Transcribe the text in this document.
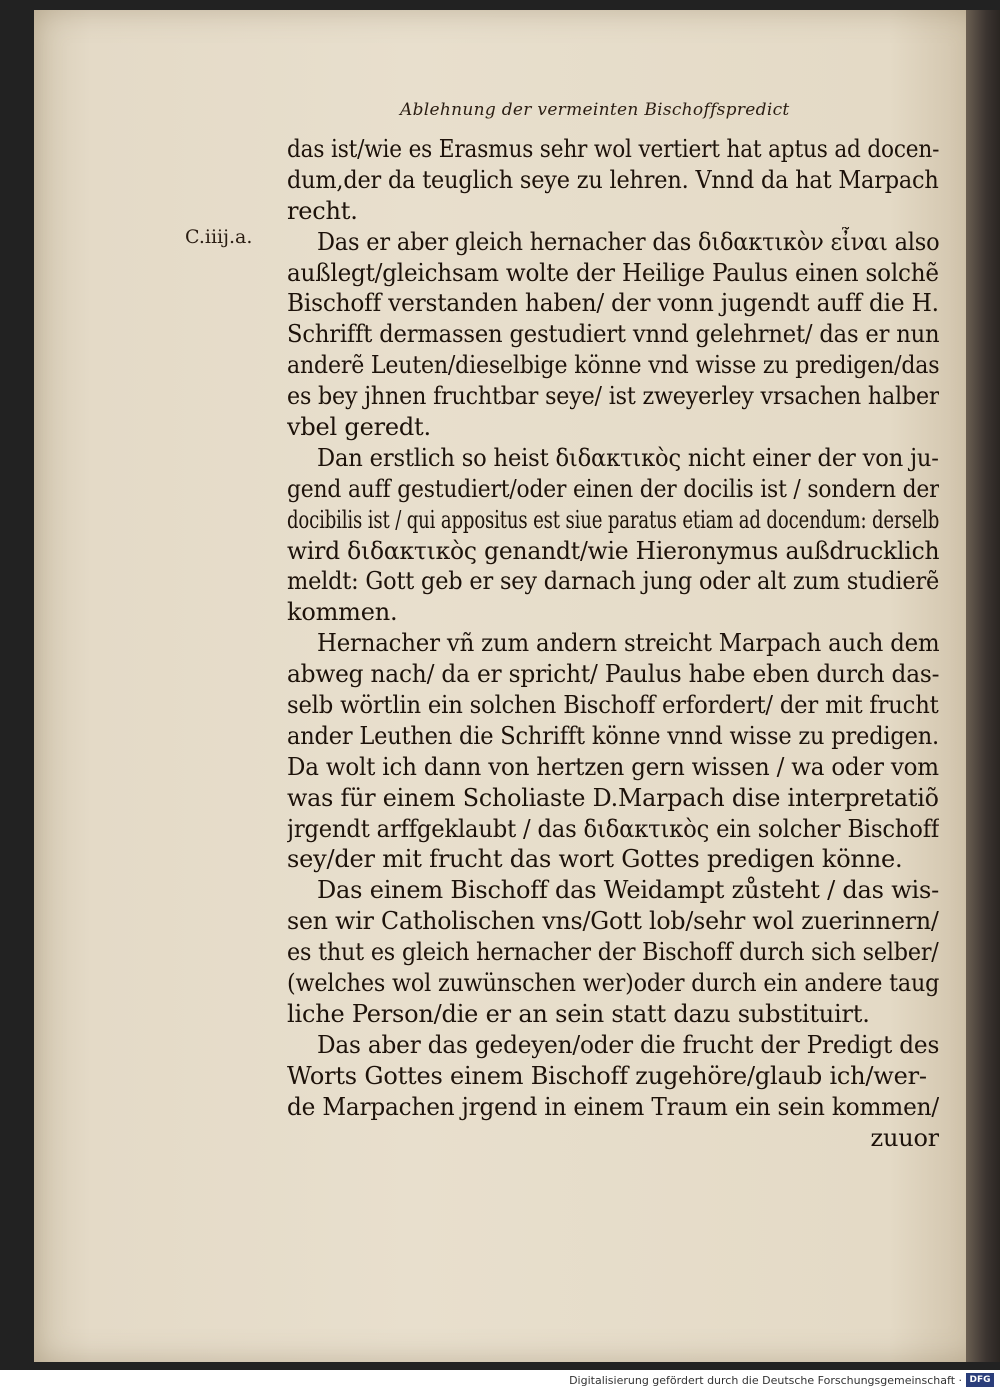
Ablehnung der vermeinten Bischoffspredict
C.iiij.a.
das ist/wie es Erasmus sehr wol vertiert hat aptus ad docen-
dum,der da teuglich seye zu lehren. Vnnd da hat Marpach
recht.
Das er aber gleich hernacher das διδακτικὸν εἶναι also
außlegt/gleichsam wolte der Heilige Paulus einen solchẽ
Bischoff verstanden haben/ der vonn jugendt auff die H.
Schrifft dermassen gestudiert vnnd gelehrnet/ das er nun
anderẽ Leuten/dieselbige könne vnd wisse zu predigen/das
es bey jhnen fruchtbar seye/ ist zweyerley vrsachen halber
vbel geredt.
Dan erstlich so heist διδακτικὸς nicht einer der von ju-
gend auff gestudiert/oder einen der docilis ist / sondern der
docibilis ist / qui appositus est siue paratus etiam ad docendum: derselb
wird διδακτικὸς genandt/wie Hieronymus außdrucklich
meldt: Gott geb er sey darnach jung oder alt zum studierẽ
kommen.
Hernacher vñ zum andern streicht Marpach auch dem
abweg nach/ da er spricht/ Paulus habe eben durch das-
selb wörtlin ein solchen Bischoff erfordert/ der mit frucht
ander Leuthen die Schrifft könne vnnd wisse zu predigen.
Da wolt ich dann von hertzen gern wissen / wa oder vom
was für einem Scholiaste D.Marpach dise interpretatiõ
jrgendt arffgeklaubt / das διδακτικὸς ein solcher Bischoff
sey/der mit frucht das wort Gottes predigen könne.
Das einem Bischoff das Weidampt zůsteht / das wis-
sen wir Catholischen vns/Gott lob/sehr wol zuerinnern/
es thut es gleich hernacher der Bischoff durch sich selber/
(welches wol zuwünschen wer)oder durch ein andere taug
liche Person/die er an sein statt dazu substituirt.
Das aber das gedeyen/oder die frucht der Predigt des
Worts Gottes einem Bischoff zugehöre/glaub ich/wer-
de Marpachen jrgend in einem Traum ein sein kommen/
zuuor
Digitalisierung gefördert durch die Deutsche Forschungsgemeinschaft · DFG
